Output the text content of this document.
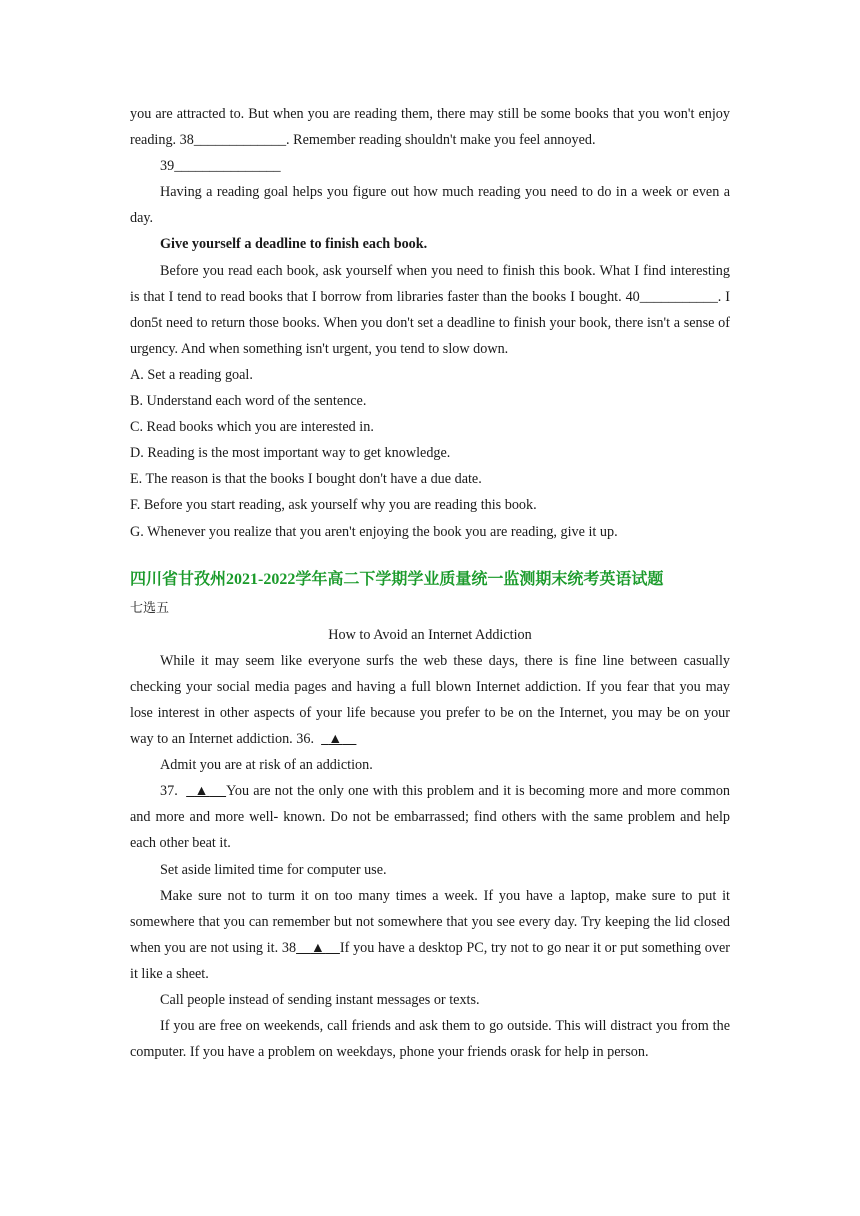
you are attracted to. But when you are reading them, there may still be some books that you won't enjoy reading. 38_____________. Remember reading shouldn't make you feel annoyed.

39_______________

Having a reading goal helps you figure out how much reading you need to do in a week or even a day.

Give yourself a deadline to finish each book.

Before you read each book, ask yourself when you need to finish this book. What I find interesting is that I tend to read books that I borrow from libraries faster than the books I bought. 40___________. I don5t need to return those books. When you don't set a deadline to finish your book, there isn't a sense of urgency. And when something isn't urgent, you tend to slow down.

A. Set a reading goal.

B. Understand each word of the sentence.

C. Read books which you are interested in.

D. Reading is the most important way to get knowledge.

E. The reason is that the books I bought don't have a due date.

F. Before you start reading, ask yourself why you are reading this book.

G. Whenever you realize that you aren't enjoying the book you are reading, give it up.

四川省甘孜州2021-2022学年高二下学期学业质量统一监测期末统考英语试题

七选五

How to Avoid an Internet Addiction

While it may seem like everyone surfs the web these days, there is fine line between casually checking your social media pages and having a full blown Internet addiction. If you fear that you may lose interest in other aspects of your life because you prefer to be on the Internet, you may be on your way to an Internet addiction. 36. ▲

Admit you are at risk of an addiction.

37. ▲ You are not the only one with this problem and it is becoming more and more common and more and more well- known. Do not be embarrassed; find others with the same problem and help each other beat it.

Set aside limited time for computer use.

Make sure not to turm it on too many times a week. If you have a laptop, make sure to put it somewhere that you can remember but not somewhere that you see every day. Try keeping the lid closed when you are not using it. 38 ▲ If you have a desktop PC, try not to go near it or put something over it like a sheet.

Call people instead of sending instant messages or texts.

If you are free on weekends, call friends and ask them to go outside. This will distract you from the computer. If you have a problem on weekdays, phone your friends orask for help in person.
